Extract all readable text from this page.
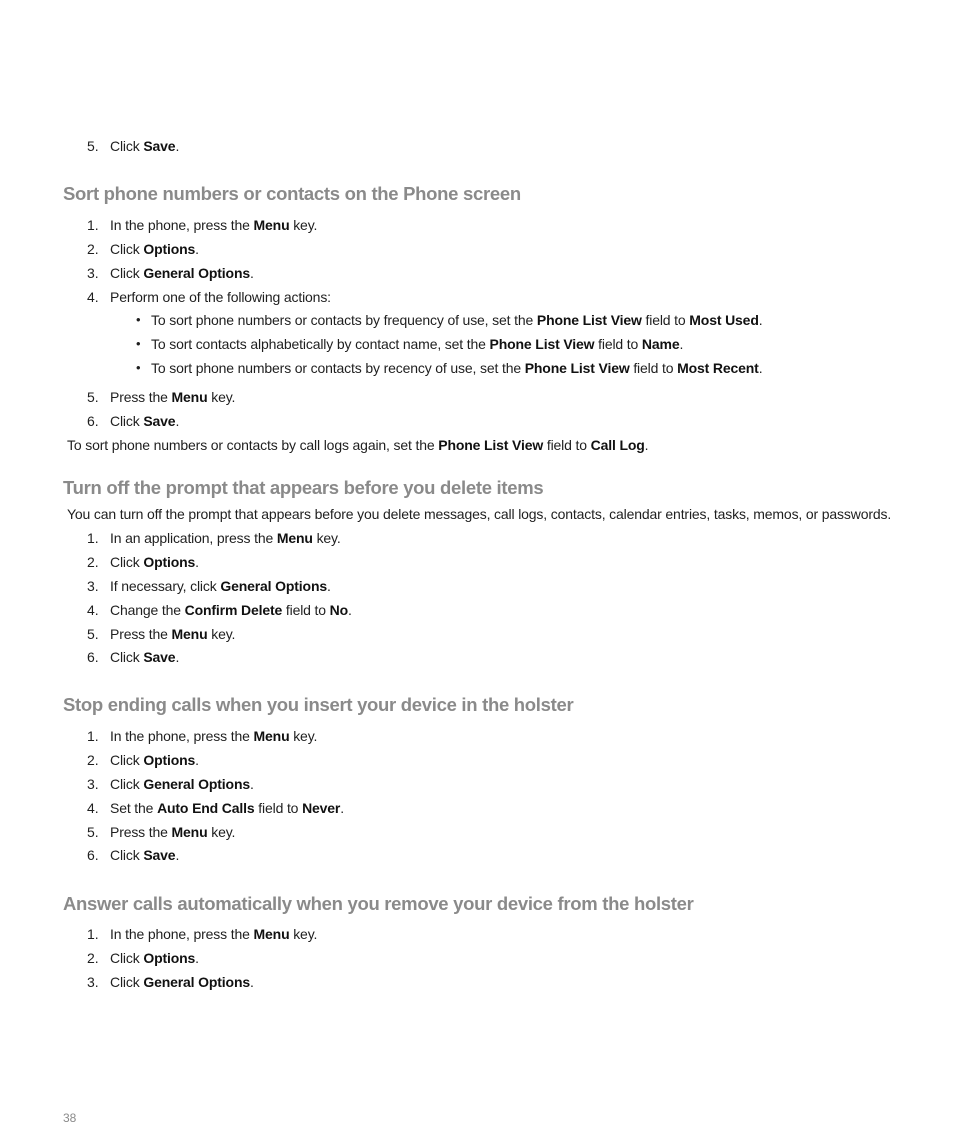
5. Click Save.
Sort phone numbers or contacts on the Phone screen
1. In the phone, press the Menu key.
2. Click Options.
3. Click General Options.
4. Perform one of the following actions:
• To sort phone numbers or contacts by frequency of use, set the Phone List View field to Most Used.
• To sort contacts alphabetically by contact name, set the Phone List View field to Name.
• To sort phone numbers or contacts by recency of use, set the Phone List View field to Most Recent.
5. Press the Menu key.
6. Click Save.
To sort phone numbers or contacts by call logs again, set the Phone List View field to Call Log.
Turn off the prompt that appears before you delete items
You can turn off the prompt that appears before you delete messages, call logs, contacts, calendar entries, tasks, memos, or passwords.
1. In an application, press the Menu key.
2. Click Options.
3. If necessary, click General Options.
4. Change the Confirm Delete field to No.
5. Press the Menu key.
6. Click Save.
Stop ending calls when you insert your device in the holster
1. In the phone, press the Menu key.
2. Click Options.
3. Click General Options.
4. Set the Auto End Calls field to Never.
5. Press the Menu key.
6. Click Save.
Answer calls automatically when you remove your device from the holster
1. In the phone, press the Menu key.
2. Click Options.
3. Click General Options.
38
